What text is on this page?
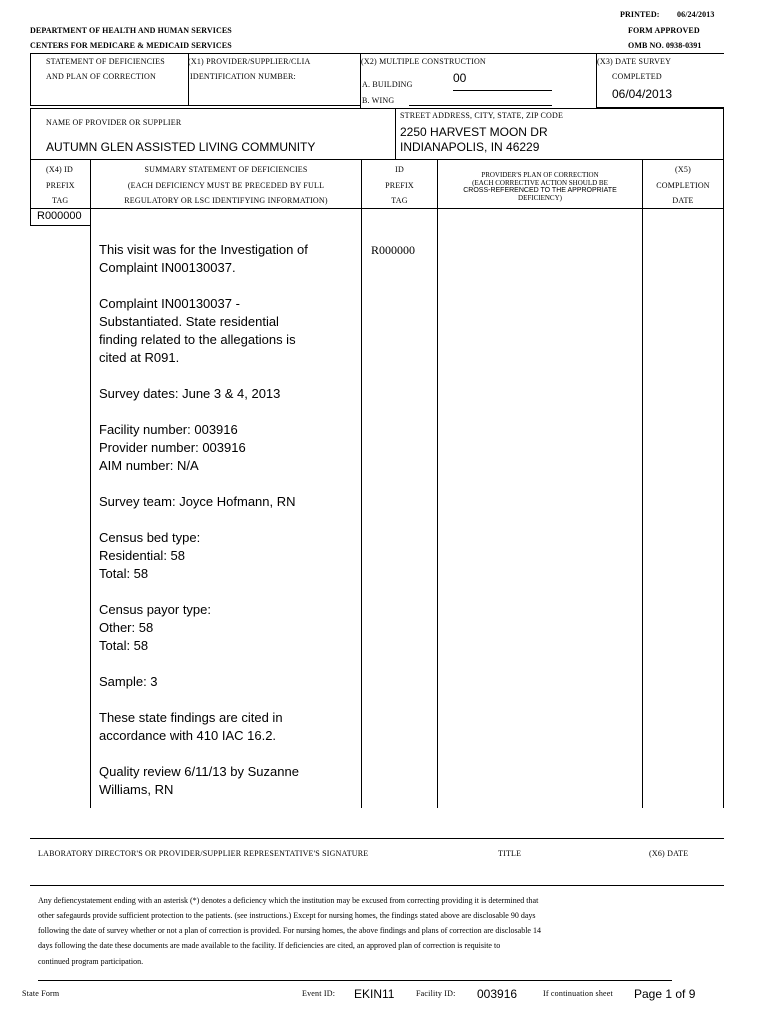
PRINTED: 06/24/2013
DEPARTMENT OF HEALTH AND HUMAN SERVICES
CENTERS FOR MEDICARE & MEDICAID SERVICES
FORM APPROVED
OMB NO. 0938-0391
STATEMENT OF DEFICIENCIES
AND PLAN OF CORRECTION
(X1) PROVIDER/SUPPLIER/CLIA
IDENTIFICATION NUMBER:
(X2) MULTIPLE CONSTRUCTION
A. BUILDING	00
B. WING
(X3) DATE SURVEY
COMPLETED
06/04/2013
NAME OF PROVIDER OR SUPPLIER
AUTUMN GLEN ASSISTED LIVING COMMUNITY
STREET ADDRESS, CITY, STATE, ZIP CODE
2250 HARVEST MOON DR
INDIANAPOLIS, IN 46229
(X4) ID
PREFIX
TAG
SUMMARY STATEMENT OF DEFICIENCIES
(EACH DEFICIENCY MUST BE PRECEDED BY FULL
REGULATORY OR LSC IDENTIFYING INFORMATION)
ID
PREFIX
TAG
PROVIDER'S PLAN OF CORRECTION
(EACH CORRECTIVE ACTION SHOULD BE
CROSS-REFERENCED TO THE APPROPRIATE
DEFICIENCY)
(X5)
COMPLETION
DATE
R000000
R000000

This visit was for the Investigation of
Complaint IN00130037.

Complaint IN00130037 -
Substantiated. State residential
finding related to the allegations is
cited at R091.

Survey dates: June 3 & 4, 2013

Facility number: 003916
Provider number: 003916
AIM number: N/A

Survey team: Joyce Hofmann, RN

Census bed type:
Residential: 58
Total: 58

Census payor type:
Other: 58
Total: 58

Sample: 3

These state findings are cited in
accordance with 410 IAC 16.2.

Quality review 6/11/13 by Suzanne
Williams, RN

LABORATORY DIRECTOR'S OR PROVIDER/SUPPLIER REPRESENTATIVE'S SIGNATURE	TITLE	(X6) DATE
Any defiencystatement ending with an asterisk (*) denotes a deficiency which the institution may be excused from correcting providing it is determined that
other safegaurds provide sufficient protection to the patients. (see instructions.) Except for nursing homes, the findings stated above are disclosable 90 days
following the date of survey whether or not a plan of correction is provided. For nursing homes, the above findings and plans of correction are disclosable 14
days following the date these documents are made available to the facility. If deficiencies are cited, an approved plan of correction is requisite to
continued program participation.
State Form	Event ID: EKIN11	Facility ID: 003916	If continuation sheet Page 1 of 9
